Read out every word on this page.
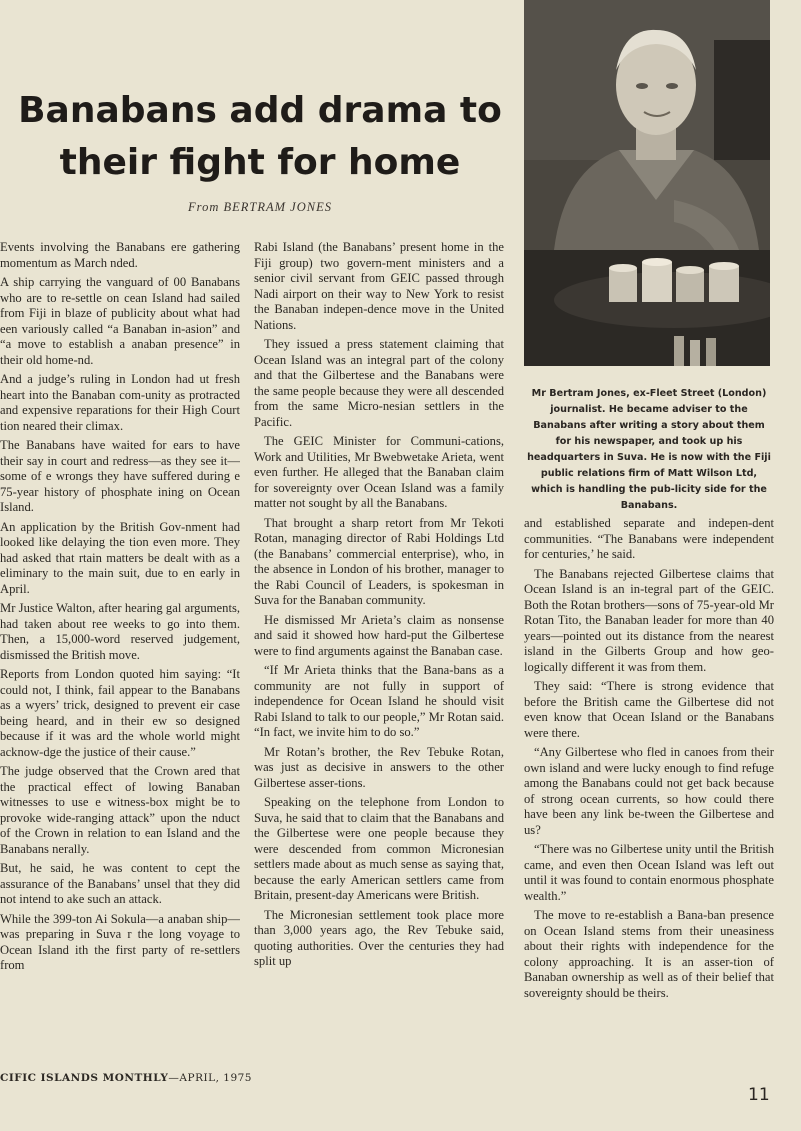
Banabans add drama to
their fight for home

From BERTRAM JONES

Events involving the Banabans ere gathering momentum as March nded.

A ship carrying the vanguard of 00 Banabans who are to re-settle on cean Island had sailed from Fiji in blaze of publicity about what had een variously called “a Banaban in-asion” and “a move to establish a anaban presence” in their old home-nd.

And a judge’s ruling in London had ut fresh heart into the Banaban com-unity as protracted and expensive reparations for their High Court tion neared their climax.

The Banabans have waited for ears to have their say in court and redress—as they see it—some of e wrongs they have suffered during e 75-year history of phosphate ining on Ocean Island.

An application by the British Gov-nment had looked like delaying the tion even more. They had asked that rtain matters be dealt with as a eliminary to the main suit, due to en early in April.

Mr Justice Walton, after hearing gal arguments, had taken about ree weeks to go into them. Then, a 15,000-word reserved judgement, dismissed the British move.

Reports from London quoted him saying: “It could not, I think, fail appear to the Banabans as a wyers’ trick, designed to prevent eir case being heard, and in their ew so designed because if it was ard the whole world might acknow-dge the justice of their cause.”

The judge observed that the Crown ared that the practical effect of lowing Banaban witnesses to use e witness-box might be to provoke wide-ranging attack” upon the nduct of the Crown in relation to ean Island and the Banabans nerally.

But, he said, he was content to cept the assurance of the Banabans’ unsel that they did not intend to ake such an attack.

While the 399-ton Ai Sokula—a anaban ship—was preparing in Suva r the long voyage to Ocean Island ith the first party of re-settlers from

Rabi Island (the Banabans’ present home in the Fiji group) two govern-ment ministers and a senior civil servant from GEIC passed through Nadi airport on their way to New York to resist the Banaban indepen-dence move in the United Nations.

They issued a press statement claiming that Ocean Island was an integral part of the colony and that the Gilbertese and the Banabans were the same people because they were all descended from the same Micro-nesian settlers in the Pacific.

The GEIC Minister for Communi-cations, Work and Utilities, Mr Bwebwetake Arieta, went even further. He alleged that the Banaban claim for sovereignty over Ocean Island was a family matter not sought by all the Banabans.

That brought a sharp retort from Mr Tekoti Rotan, managing director of Rabi Holdings Ltd (the Banabans’ commercial enterprise), who, in the absence in London of his brother, manager to the Rabi Council of Leaders, is spokesman in Suva for the Banaban community.

He dismissed Mr Arieta’s claim as nonsense and said it showed how hard-put the Gilbertese were to find arguments against the Banaban case.

“If Mr Arieta thinks that the Bana-bans as a community are not fully in support of independence for Ocean Island he should visit Rabi Island to talk to our people,” Mr Rotan said. “In fact, we invite him to do so.”

Mr Rotan’s brother, the Rev Tebuke Rotan, was just as decisive in answers to the other Gilbertese asser-tions.

Speaking on the telephone from London to Suva, he said that to claim that the Banabans and the Gilbertese were one people because they were descended from common Micronesian settlers made about as much sense as saying that, because the early American settlers came from Britain, present-day Americans were British.

The Micronesian settlement took place more than 3,000 years ago, the Rev Tebuke said, quoting authorities. Over the centuries they had split up

Mr Bertram Jones, ex-Fleet Street (London) journalist. He became adviser to the Banabans after writing a story about them for his newspaper, and took up his headquarters in Suva. He is now with the Fiji public relations firm of Matt Wilson Ltd, which is handling the pub-licity side for the Banabans.

and established separate and indepen-dent communities. “The Banabans were independent for centuries,’ he said.

The Banabans rejected Gilbertese claims that Ocean Island is an in-tegral part of the GEIC. Both the Rotan brothers—sons of 75-year-old Mr Rotan Tito, the Banaban leader for more than 40 years—pointed out its distance from the nearest island in the Gilberts Group and how geo-logically different it was from them.

They said: “There is strong evidence that before the British came the Gilbertese did not even know that Ocean Island or the Banabans were there.

“Any Gilbertese who fled in canoes from their own island and were lucky enough to find refuge among the Banabans could not get back because of strong ocean currents, so how could there have been any link be-tween the Gilbertese and us?

“There was no Gilbertese unity until the British came, and even then Ocean Island was left out until it was found to contain enormous phosphate wealth.”

The move to re-establish a Bana-ban presence on Ocean Island stems from their uneasiness about their rights with independence for the colony approaching. It is an asser-tion of Banaban ownership as well as of their belief that sovereignty should be theirs.

CIFIC ISLANDS MONTHLY—APRIL, 1975
11
